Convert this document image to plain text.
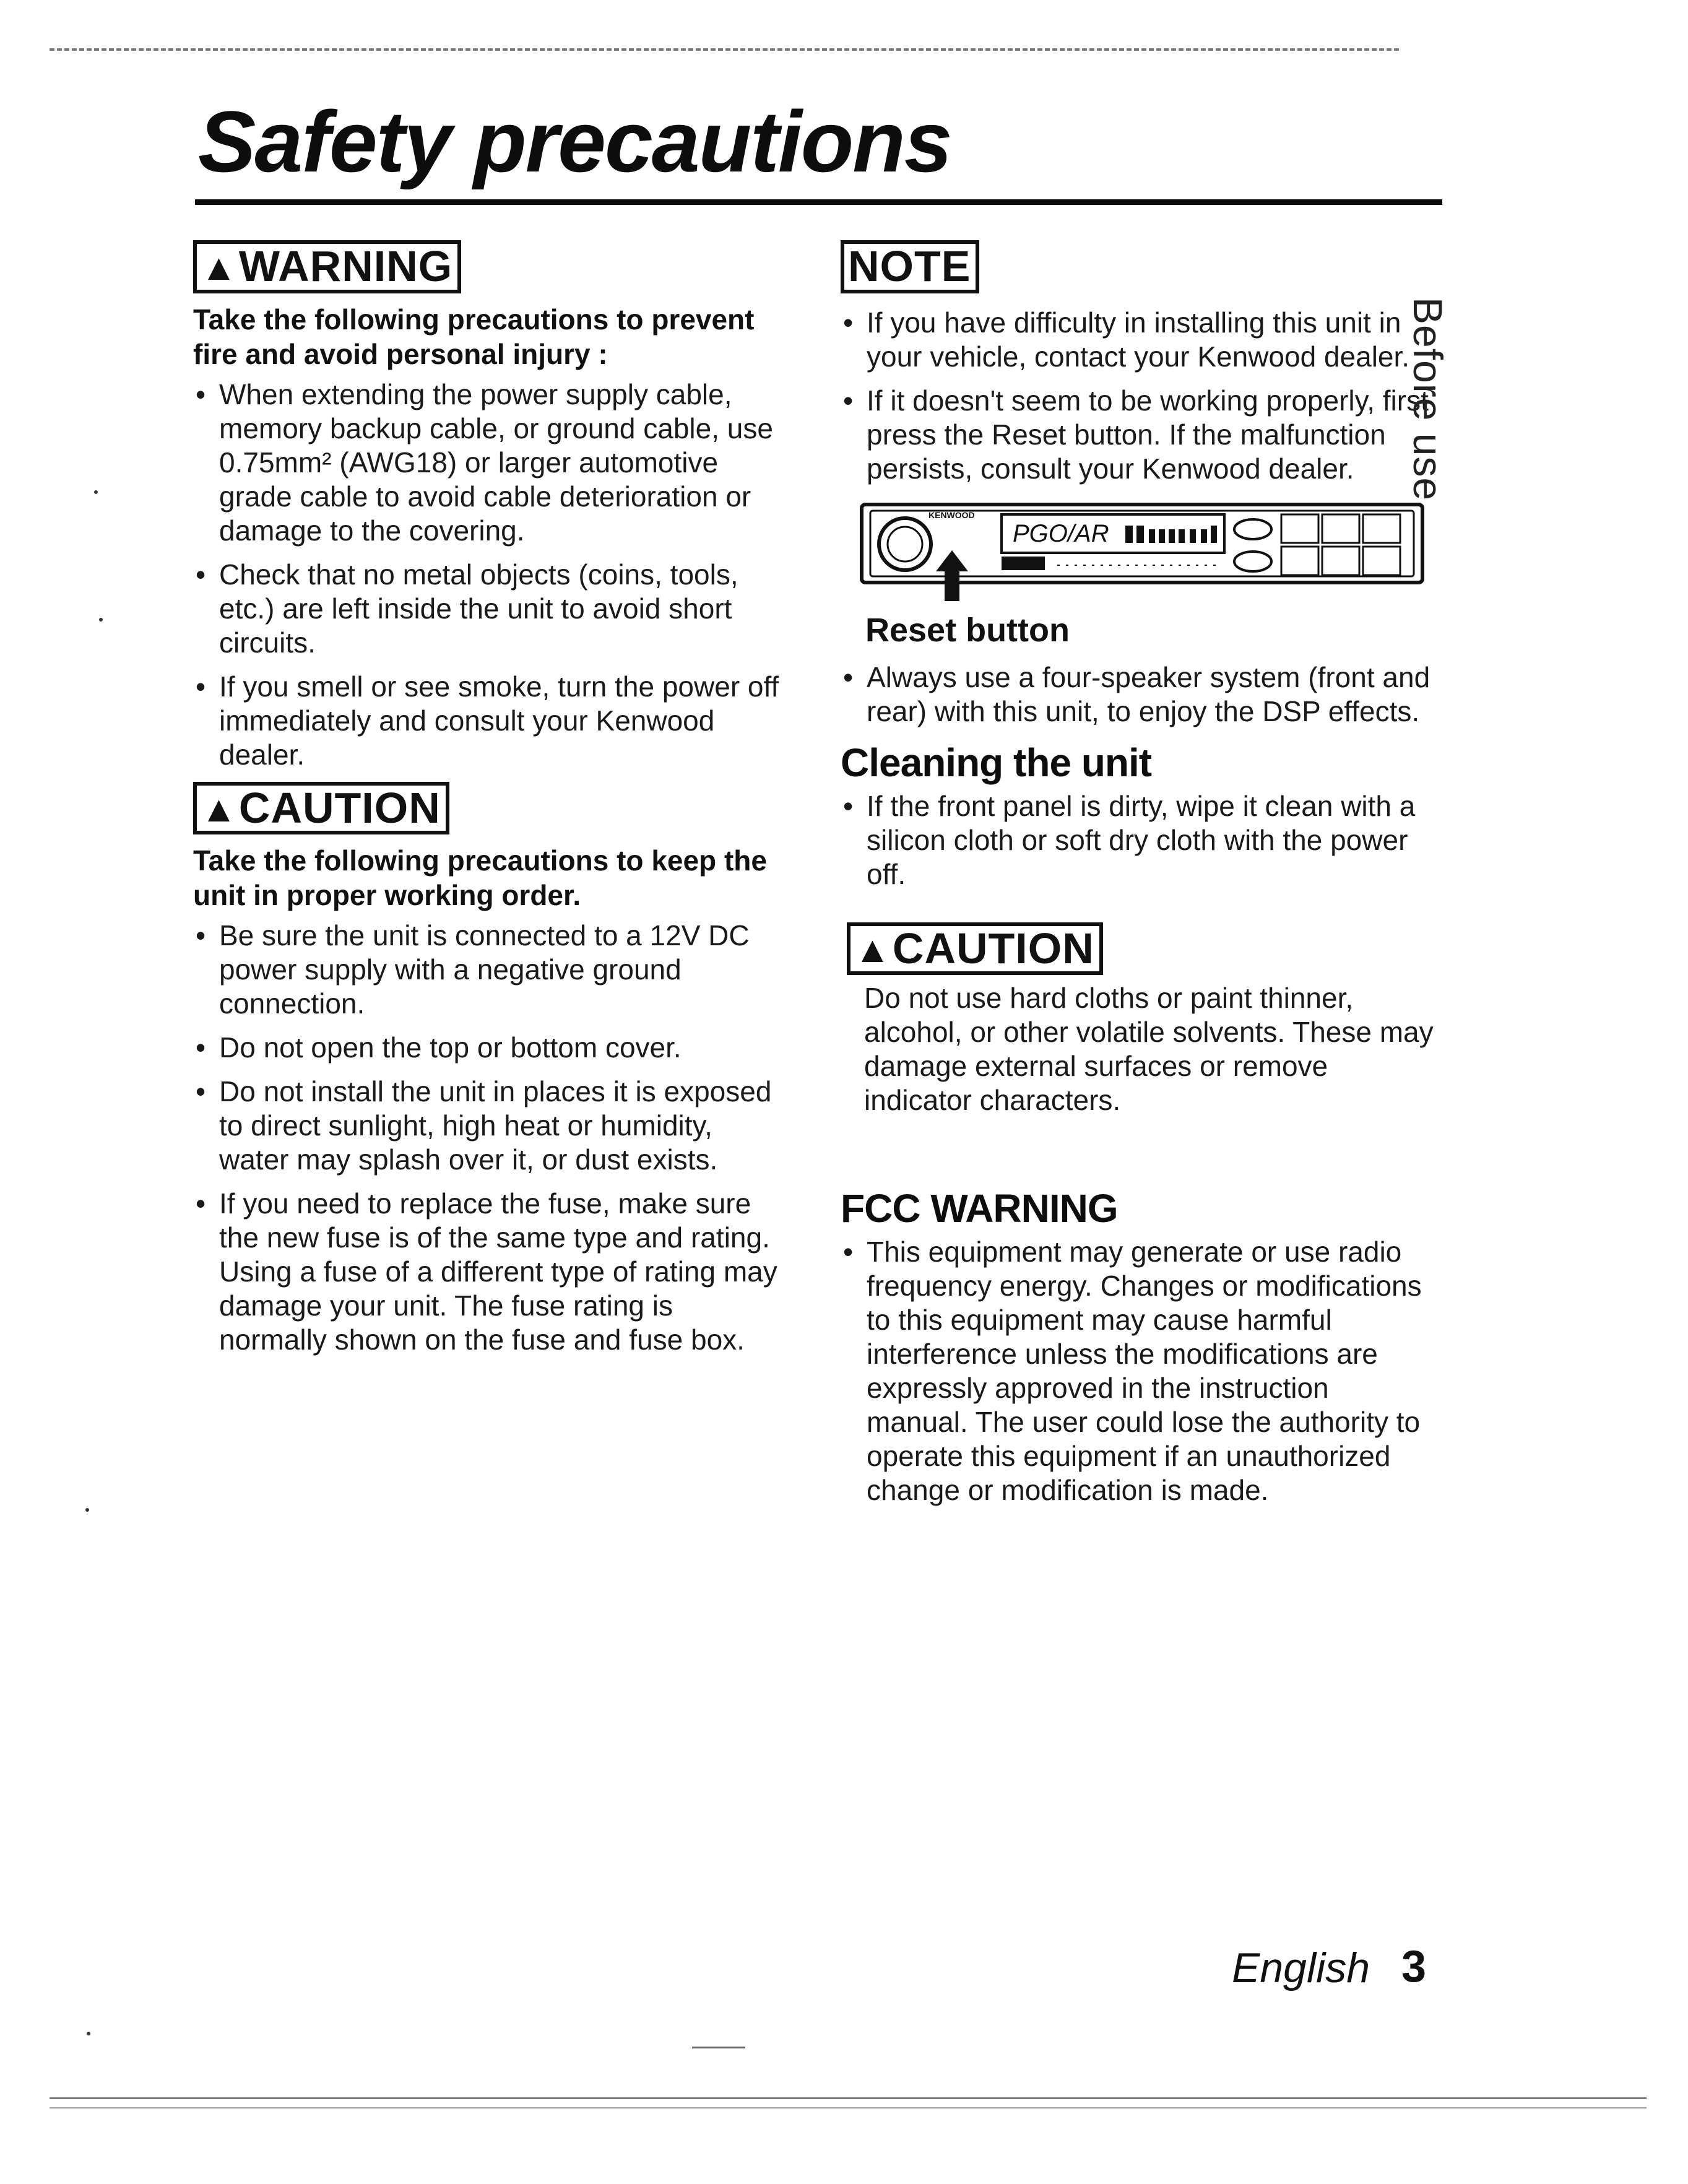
Safety precautions
▲WARNING
Take the following precautions to prevent fire and avoid personal injury :
• When extending the power supply cable, memory backup cable, or ground cable, use 0.75mm² (AWG18) or larger automotive grade cable to avoid cable deterioration or damage to the covering.
• Check that no metal objects (coins, tools, etc.) are left inside the unit to avoid short circuits.
• If you smell or see smoke, turn the power off immediately and consult your Kenwood dealer.
▲CAUTION
Take the following precautions to keep the unit in proper working order.
• Be sure the unit is connected to a 12V DC power supply with a negative ground connection.
• Do not open the top or bottom cover.
• Do not install the unit in places it is exposed to direct sunlight, high heat or humidity, water may splash over it, or dust exists.
• If you need to replace the fuse, make sure the new fuse is of the same type and rating. Using a fuse of a different type of rating may damage your unit. The fuse rating is normally shown on the fuse and fuse box.
NOTE
• If you have difficulty in installing this unit in your vehicle, contact your Kenwood dealer.
• If it doesn't seem to be working properly, first press the Reset button. If the malfunction persists, consult your Kenwood dealer.
KENWOOD
PGO/AR
Reset button
• Always use a four-speaker system (front and rear) with this unit, to enjoy the DSP effects.
Cleaning the unit
• If the front panel is dirty, wipe it clean with a silicon cloth or soft dry cloth with the power off.
▲CAUTION
Do not use hard cloths or paint thinner, alcohol, or other volatile solvents. These may damage external surfaces or remove indicator characters.
FCC WARNING
• This equipment may generate or use radio frequency energy. Changes or modifications to this equipment may cause harmful interference unless the modifications are expressly approved in the instruction manual. The user could lose the authority to operate this equipment if an unauthorized change or modification is made.
Before use
English 3
